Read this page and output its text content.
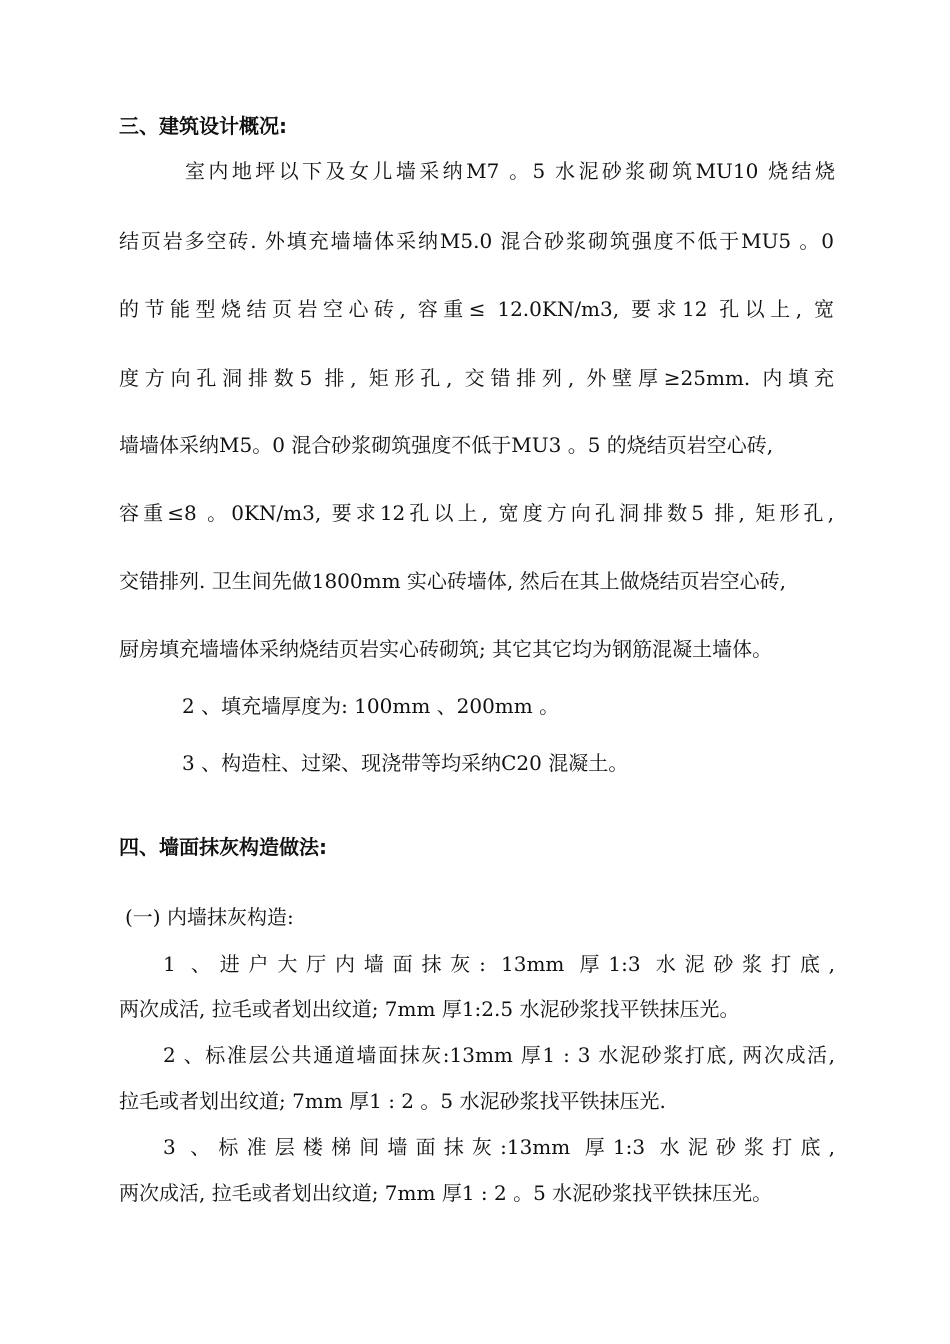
三、建筑设计概况:
室内地坪以下及女儿墙采纳M7 。5 水泥砂浆砌筑MU10 烧结烧
结页岩多空砖. 外填充墙墙体采纳M5.0 混合砂浆砌筑强度不低于MU5 。0
的节能型烧结页岩空心砖, 容重≤ 12.0KN/m3, 要求12 孔以上, 宽
度方向孔洞排数5 排, 矩形孔, 交错排列, 外壁厚≥25mm. 内填充
墙墙体采纳M5。0 混合砂浆砌筑强度不低于MU3 。5 的烧结页岩空心砖,
容重≤8 。0KN/m3, 要求12孔以上, 宽度方向孔洞排数5 排, 矩形孔,
交错排列. 卫生间先做1800mm 实心砖墙体, 然后在其上做烧结页岩空心砖,
厨房填充墙墙体采纳烧结页岩实心砖砌筑; 其它其它均为钢筋混凝土墙体。
2 、填充墙厚度为: 100mm 、200mm 。
3 、构造柱、过梁、现浇带等均采纳C20 混凝土。
四、墙面抹灰构造做法:
(一) 内墙抹灰构造:
1 、进户大厅内墙面抹灰: 13mm 厚1:3 水泥砂浆打底,
两次成活, 拉毛或者划出纹道; 7mm 厚1:2.5 水泥砂浆找平铁抹压光。
2 、标准层公共通道墙面抹灰:13mm 厚1 : 3 水泥砂浆打底, 两次成活,
拉毛或者划出纹道; 7mm 厚1 : 2 。5 水泥砂浆找平铁抹压光.
3 、标准层楼梯间墙面抹灰:13mm 厚1:3 水泥砂浆打底,
两次成活, 拉毛或者划出纹道; 7mm 厚1 : 2 。5 水泥砂浆找平铁抹压光。
